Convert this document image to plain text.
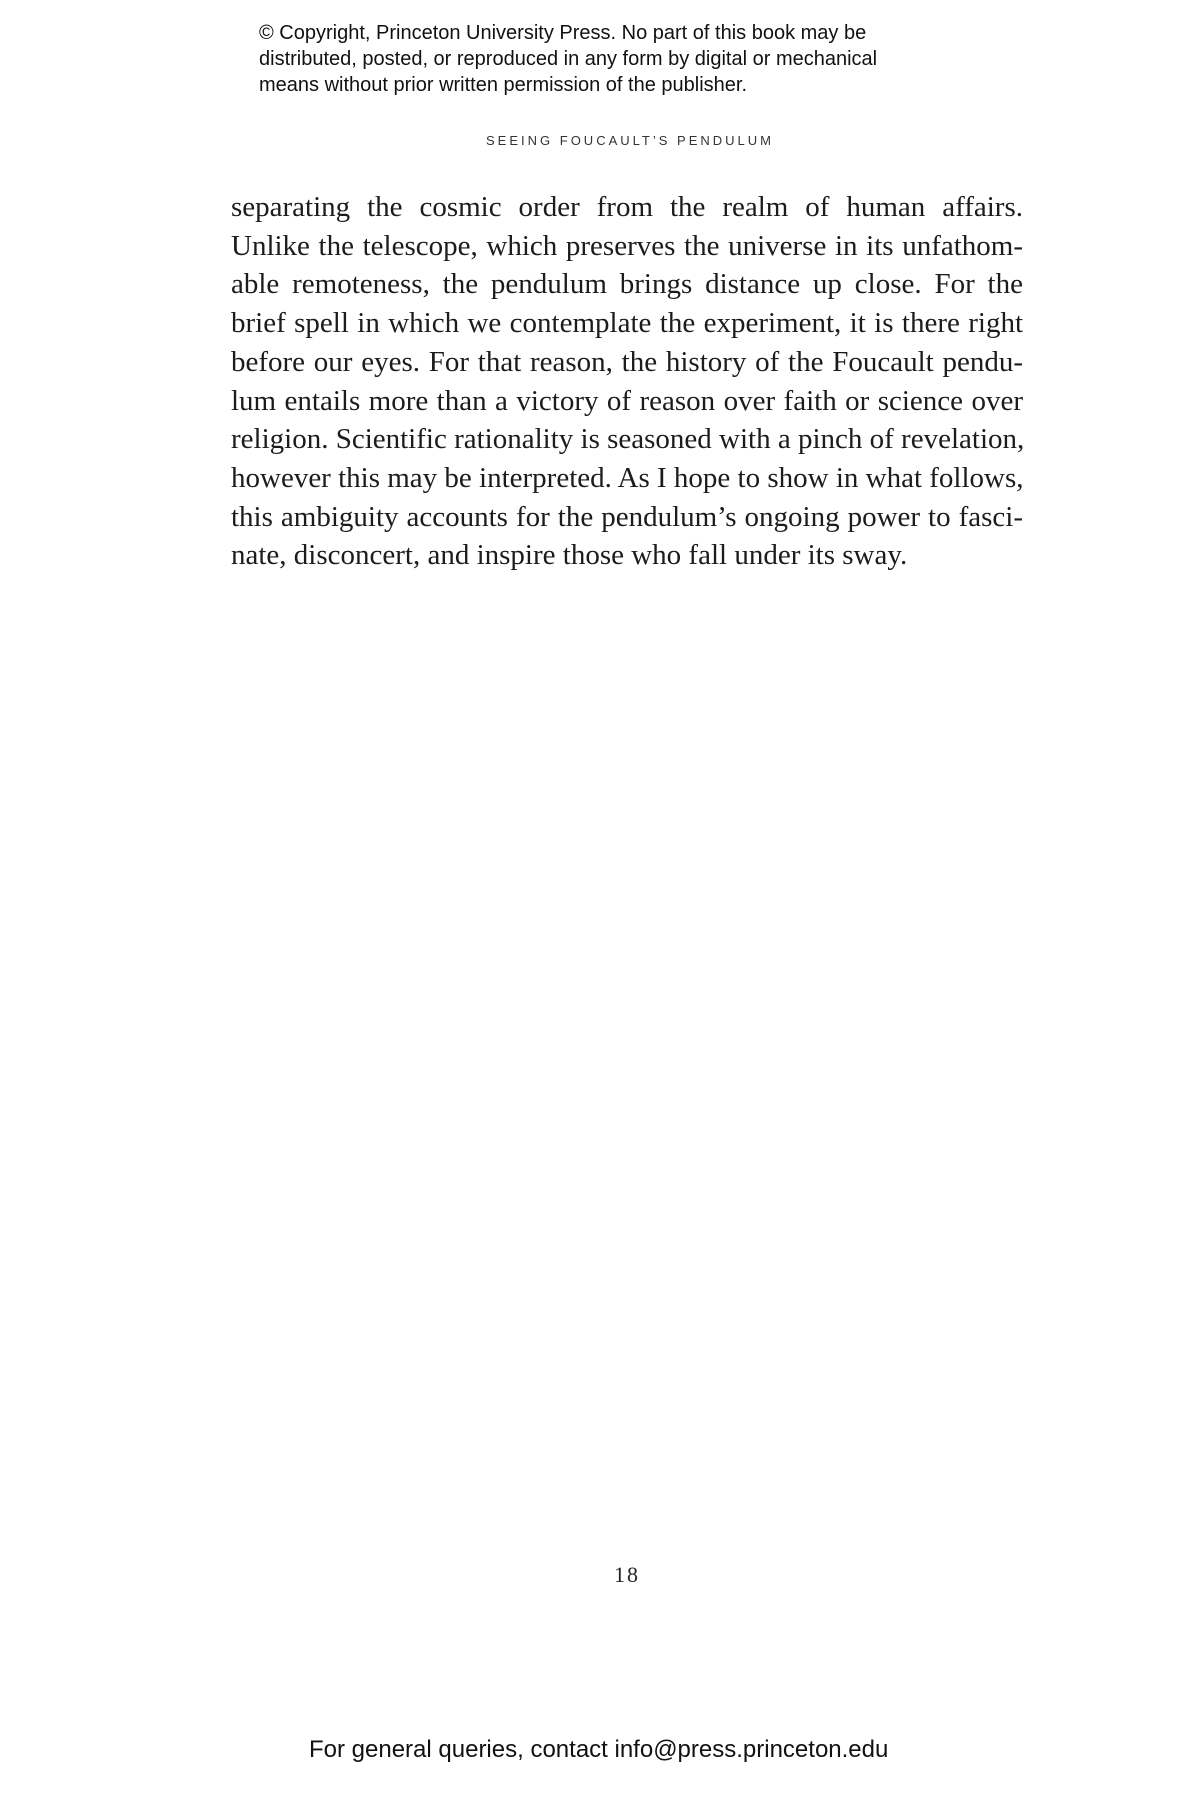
© Copyright, Princeton University Press. No part of this book may be
distributed, posted, or reproduced in any form by digital or mechanical
means without prior written permission of the publisher.
SEEING FOUCAULT’S PENDULUM
separating the cosmic order from the realm of human affairs.
Unlike the telescope, which preserves the universe in its unfathom-
able remoteness, the pendulum brings distance up close. For the
brief spell in which we contemplate the experiment, it is there right
before our eyes. For that reason, the history of the Foucault pendu-
lum entails more than a victory of reason over faith or science over
religion. Scientific rationality is seasoned with a pinch of revelation,
however this may be interpreted. As I hope to show in what follows,
this ambiguity accounts for the pendulum’s ongoing power to fasci-
nate, disconcert, and inspire those who fall under its sway.
18
For general queries, contact info@press.princeton.edu
